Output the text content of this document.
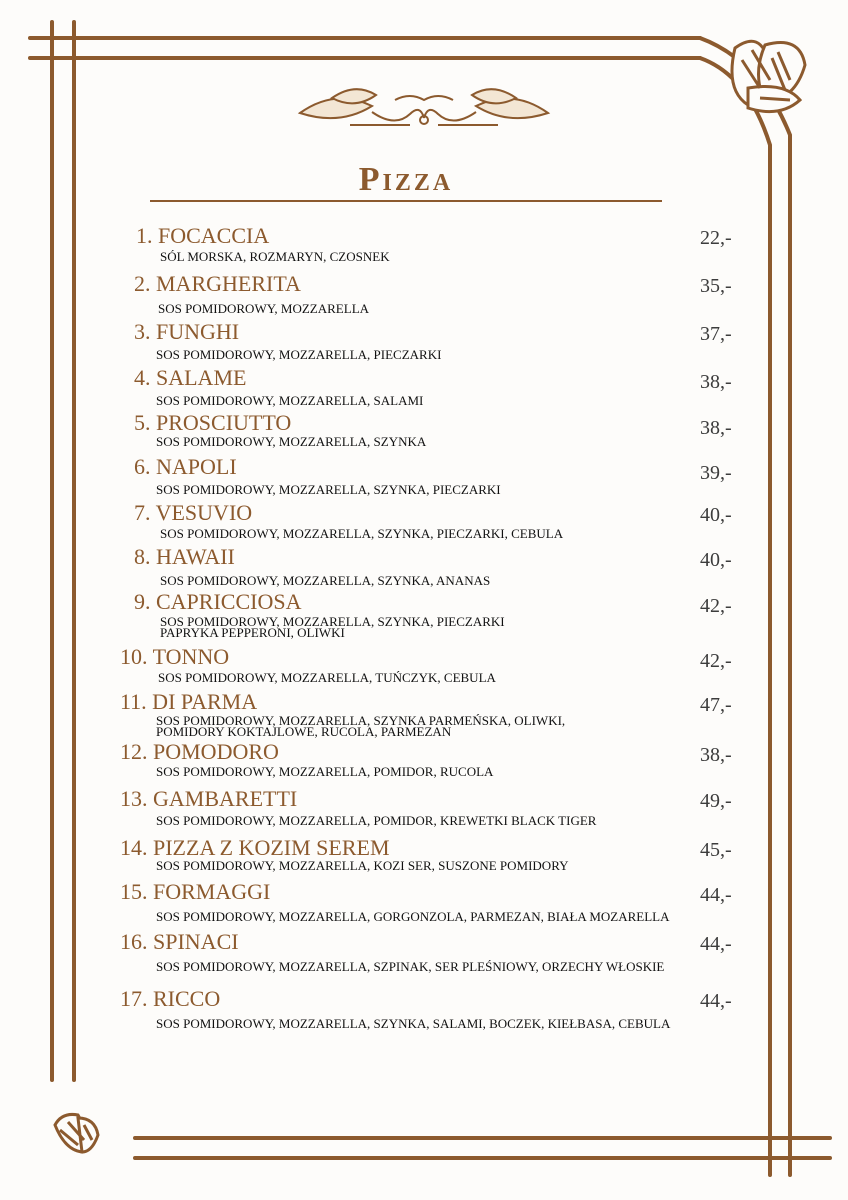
Pizza
1. FOCACCIA	22,-
SÓL MORSKA, ROZMARYN, CZOSNEK
2. MARGHERITA	35,-
SOS POMIDOROWY, MOZZARELLA
3. FUNGHI	37,-
SOS POMIDOROWY, MOZZARELLA, PIECZARKI
4. SALAME	38,-
SOS POMIDOROWY, MOZZARELLA, SALAMI
5. PROSCIUTTO	38,-
SOS POMIDOROWY, MOZZARELLA, SZYNKA
6. NAPOLI	39,-
SOS POMIDOROWY, MOZZARELLA, SZYNKA, PIECZARKI
7. VESUVIO	40,-
SOS POMIDOROWY, MOZZARELLA, SZYNKA, PIECZARKI, CEBULA
8. HAWAII	40,-
SOS POMIDOROWY, MOZZARELLA, SZYNKA, ANANAS
9. CAPRICCIOSA	42,-
SOS POMIDOROWY, MOZZARELLA, SZYNKA, PIECZARKI
PAPRYKA PEPPERONI, OLIWKI
10. TONNO	42,-
SOS POMIDOROWY, MOZZARELLA, TUŃCZYK, CEBULA
11. DI PARMA	47,-
SOS POMIDOROWY, MOZZARELLA, SZYNKA PARMEŃSKA, OLIWKI,
POMIDORY KOKTAJLOWE, RUCOLA, PARMEZAN
12. POMODORO	38,-
SOS POMIDOROWY, MOZZARELLA, POMIDOR, RUCOLA
13. GAMBARETTI	49,-
SOS POMIDOROWY, MOZZARELLA, POMIDOR, KREWETKI BLACK TIGER
14. PIZZA Z KOZIM SEREM	45,-
SOS POMIDOROWY, MOZZARELLA, KOZI SER, SUSZONE POMIDORY
15. FORMAGGI	44,-
SOS POMIDOROWY, MOZZARELLA, GORGONZOLA, PARMEZAN, BIAŁA MOZARELLA
16. SPINACI	44,-
SOS POMIDOROWY, MOZZARELLA, SZPINAK, SER PLEŚNIOWY, ORZECHY WŁOSKIE
17. RICCO	44,-
SOS POMIDOROWY, MOZZARELLA, SZYNKA, SALAMI, BOCZEK, KIEŁBASA, CEBULA
